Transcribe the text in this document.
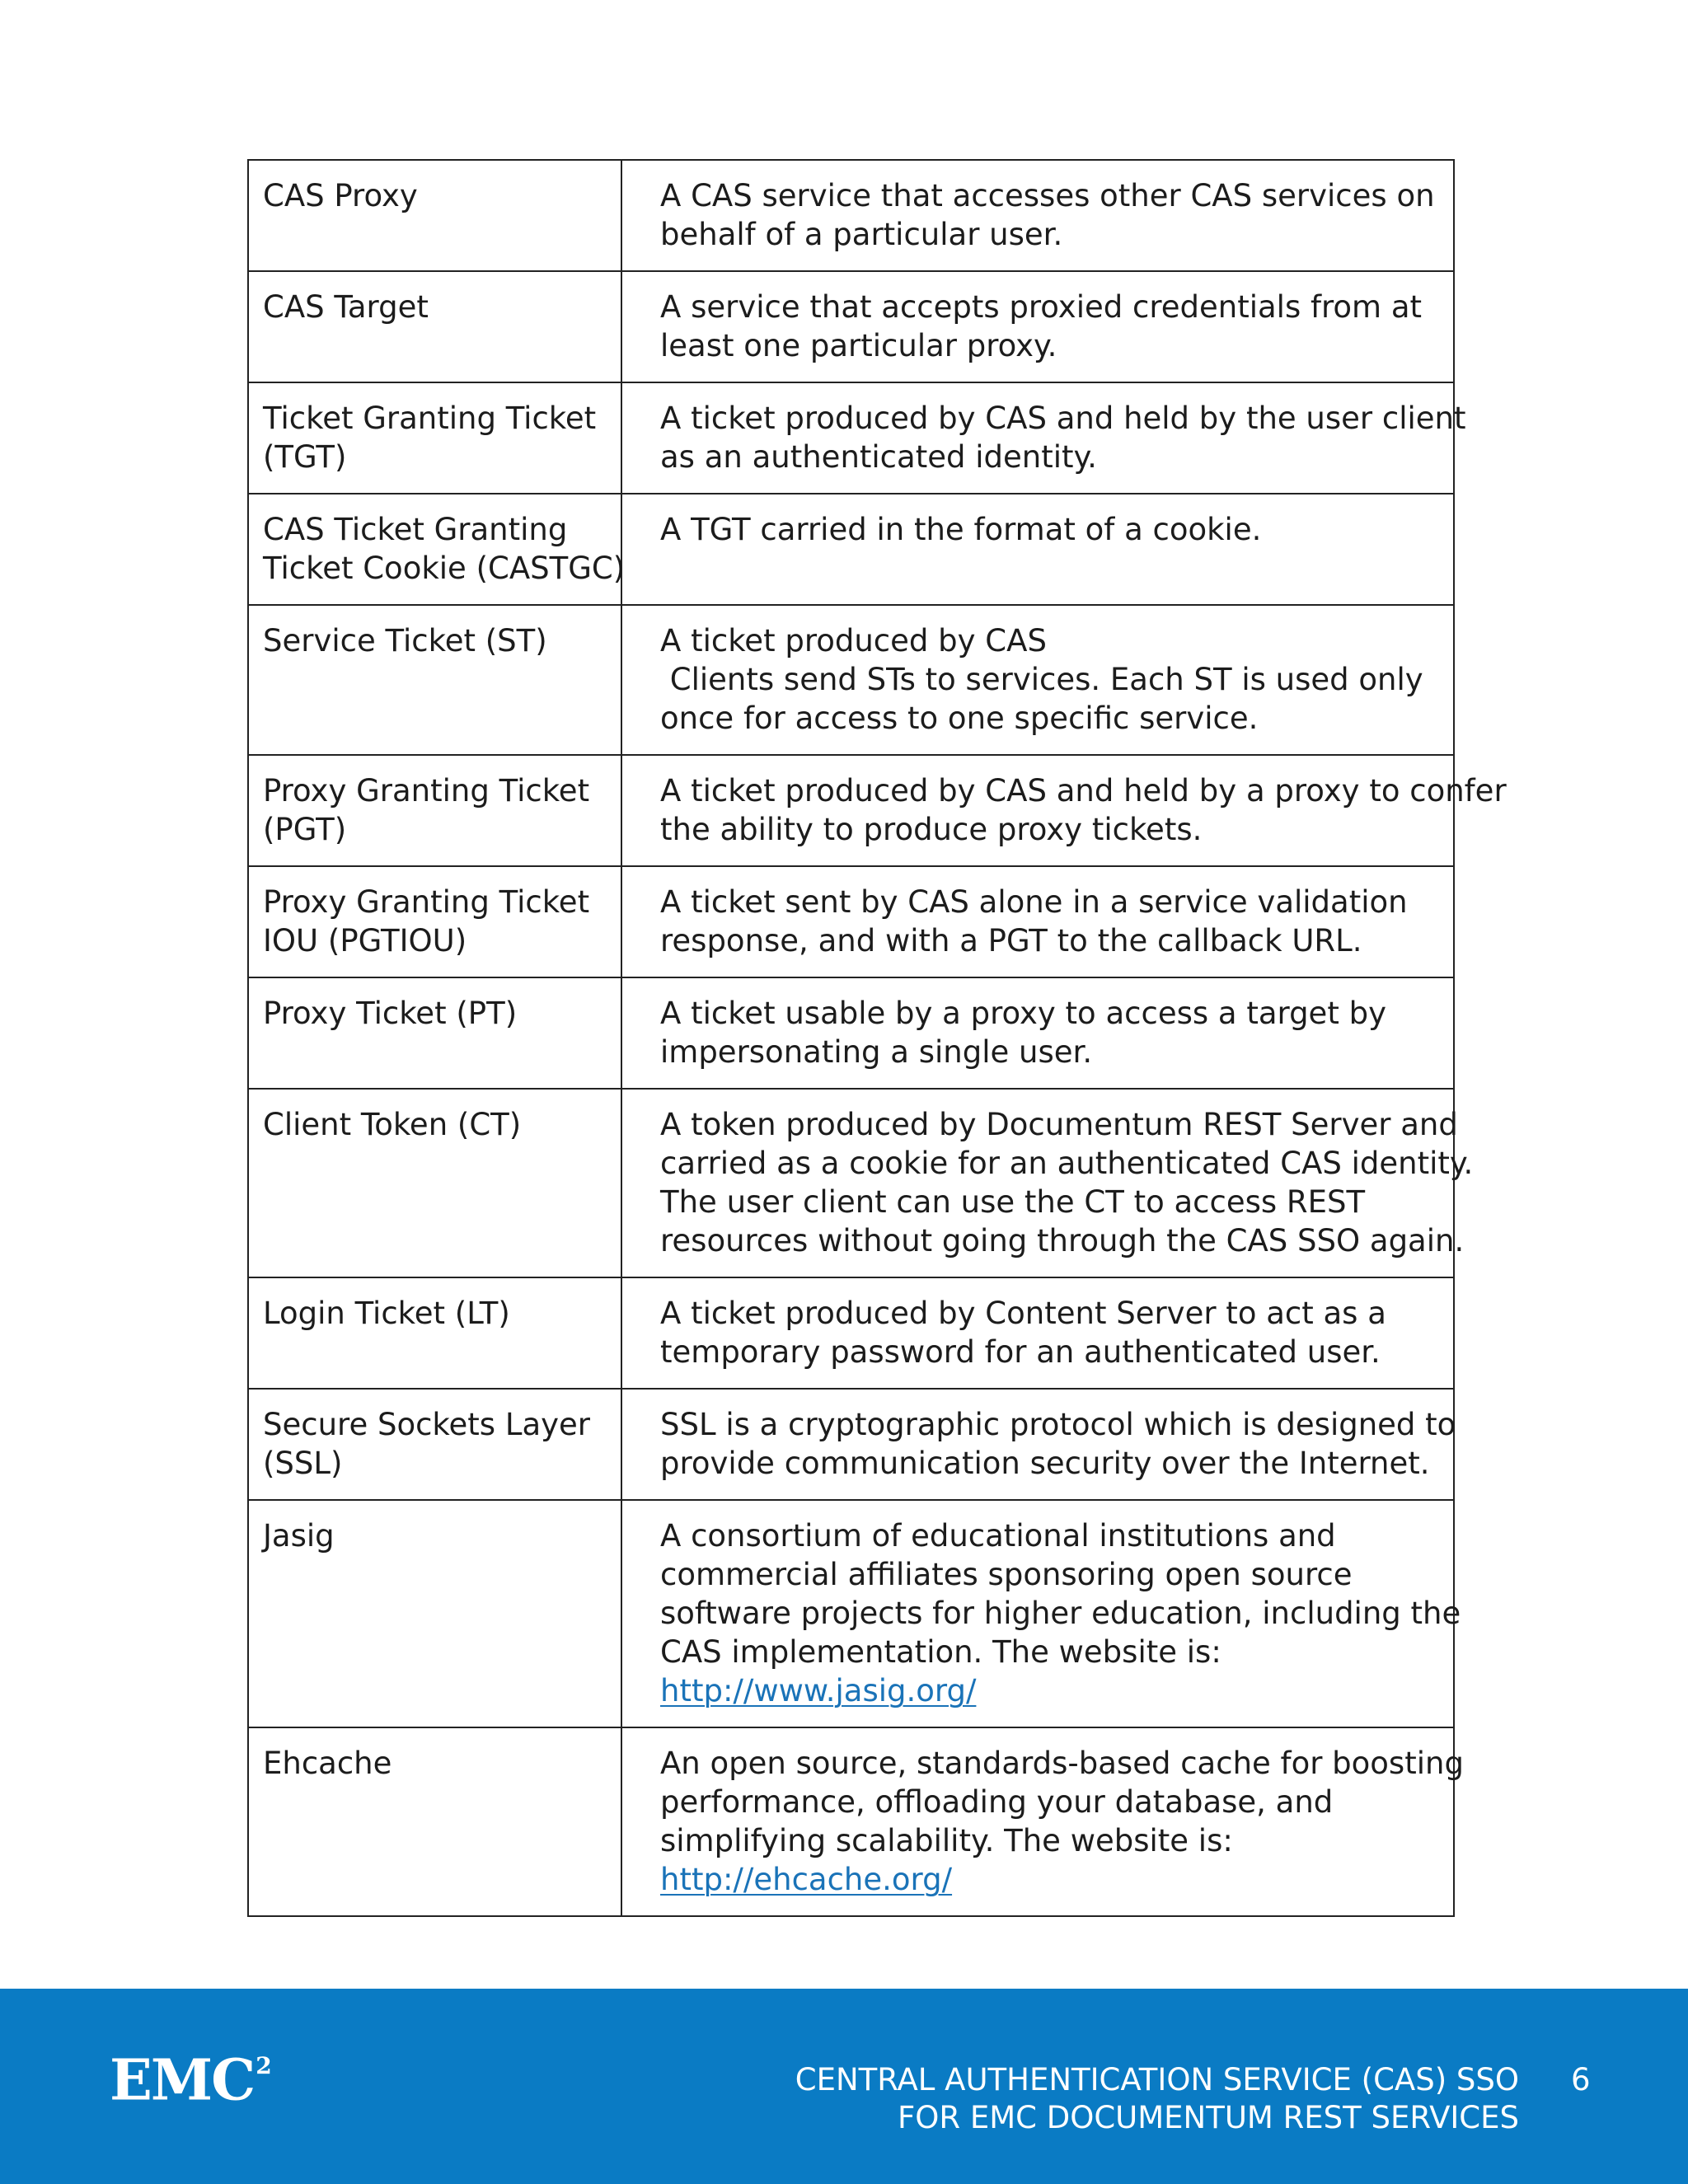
CAS Proxy	A CAS service that accesses other CAS services on
behalf of a particular user.

CAS Target	A service that accepts proxied credentials from at
least one particular proxy.

Ticket Granting Ticket
(TGT)	A ticket produced by CAS and held by the user client
as an authenticated identity.

CAS Ticket Granting
Ticket Cookie (CASTGC)	A TGT carried in the format of a cookie.

Service Ticket (ST)	A ticket produced by CAS
Clients send STs to services. Each ST is used only
once for access to one specific service.

Proxy Granting Ticket
(PGT)	A ticket produced by CAS and held by a proxy to confer
the ability to produce proxy tickets.

Proxy Granting Ticket
IOU (PGTIOU)	A ticket sent by CAS alone in a service validation
response, and with a PGT to the callback URL.

Proxy Ticket (PT)	A ticket usable by a proxy to access a target by
impersonating a single user.

Client Token (CT)	A token produced by Documentum REST Server and
carried as a cookie for an authenticated CAS identity.
The user client can use the CT to access REST
resources without going through the CAS SSO again.

Login Ticket (LT)	A ticket produced by Content Server to act as a
temporary password for an authenticated user.

Secure Sockets Layer
(SSL)	SSL is a cryptographic protocol which is designed to
provide communication security over the Internet.

Jasig	A consortium of educational institutions and
commercial affiliates sponsoring open source
software projects for higher education, including the
CAS implementation. The website is:
http://www.jasig.org/

Ehcache	An open source, standards-based cache for boosting
performance, offloading your database, and
simplifying scalability. The website is:
http://ehcache.org/
EMC$^2$	CENTRAL AUTHENTICATION SERVICE (CAS) SSO
FOR EMC DOCUMENTUM REST SERVICES
6
